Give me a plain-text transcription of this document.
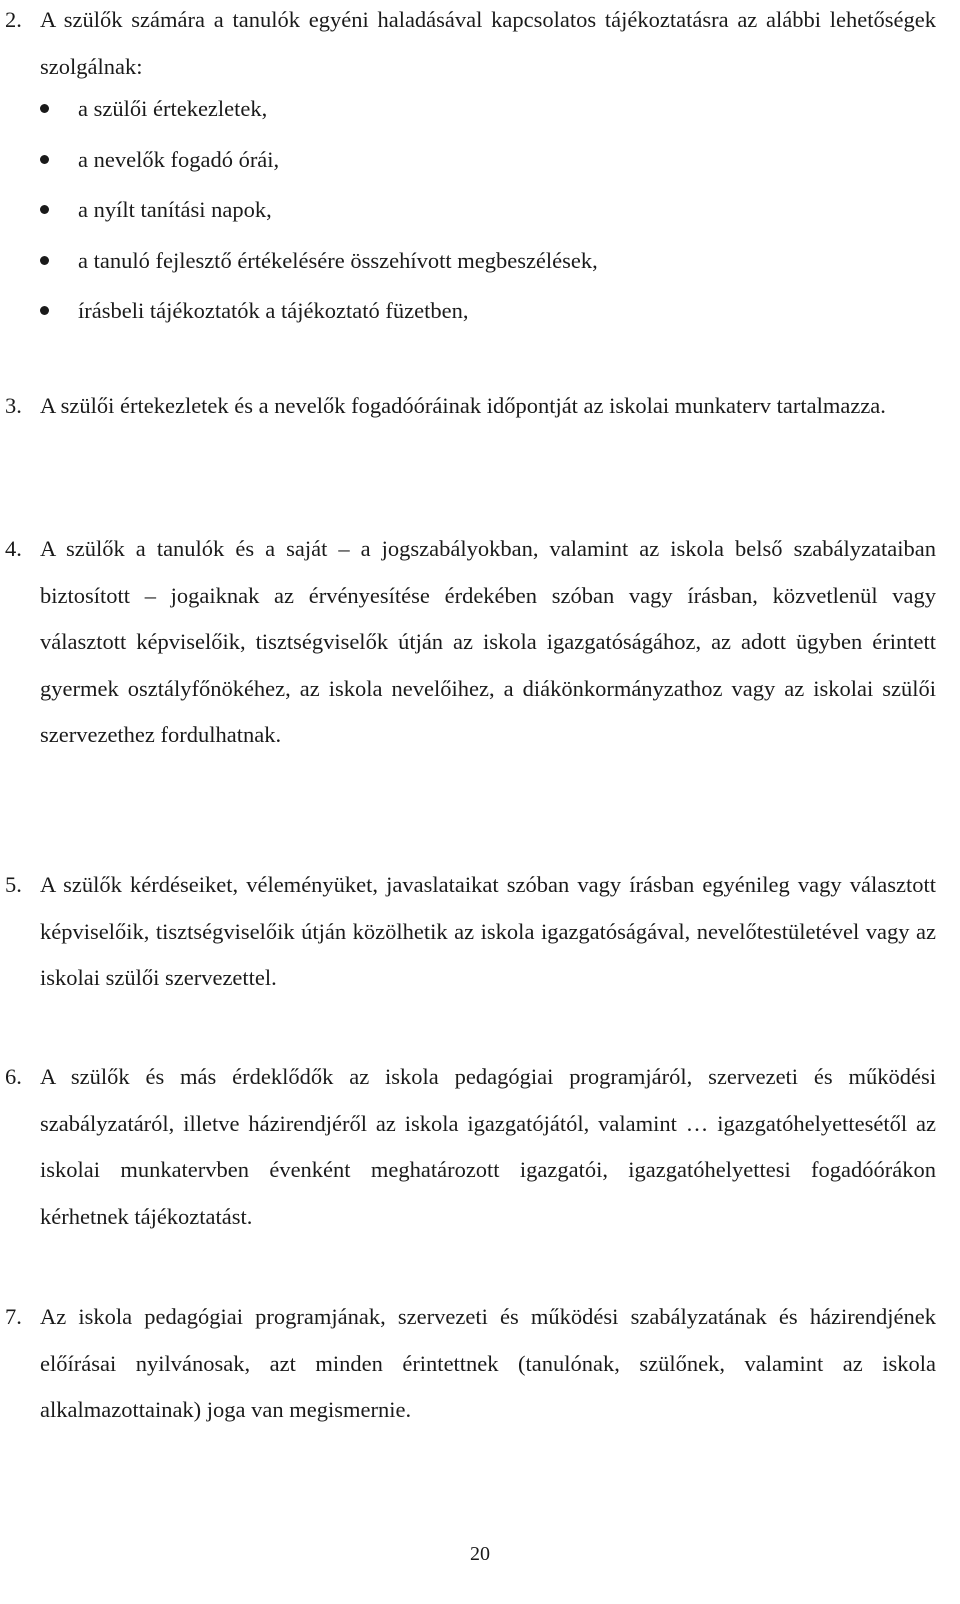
2. A szülők számára a tanulók egyéni haladásával kapcsolatos tájékoztatásra az alábbi lehetőségek szolgálnak:
a szülői értekezletek,
a nevelők fogadó órái,
a nyílt tanítási napok,
a tanuló fejlesztő értékelésére összehívott megbeszélések,
írásbeli tájékoztatók a tájékoztató füzetben,
3. A szülői értekezletek és a nevelők fogadóóráinak időpontját az iskolai munkaterv tartalmazza.
4. A szülők a tanulók és a saját – a jogszabályokban, valamint az iskola belső szabályzataiban biztosított – jogaiknak az érvényesítése érdekében szóban vagy írásban, közvetlenül vagy választott képviselőik, tisztségviselők útján az iskola igazgatóságához, az adott ügyben érintett gyermek osztályfőnökéhez, az iskola nevelőihez, a diákönkormányzathoz vagy az iskolai szülői szervezethez fordulhatnak.
5. A szülők kérdéseiket, véleményüket, javaslataikat szóban vagy írásban egyénileg vagy választott képviselőik, tisztségviselőik útján közölhetik az iskola igazgatóságával, nevelőtestületével vagy az iskolai szülői szervezettel.
6. A szülők és más érdeklődők az iskola pedagógiai programjáról, szervezeti és működési szabályzatáról, illetve házirendjéről az iskola igazgatójától, valamint … igazgatóhelyettesétől az iskolai munkatervben évenként meghatározott igazgatói, igazgatóhelyettesi fogadóórákon kérhetnek tájékoztatást.
7. Az iskola pedagógiai programjának, szervezeti és működési szabályzatának és házirendjének előírásai nyilvánosak, azt minden érintettnek (tanulónak, szülőnek, valamint az iskola alkalmazottainak) joga van megismernie.
20
